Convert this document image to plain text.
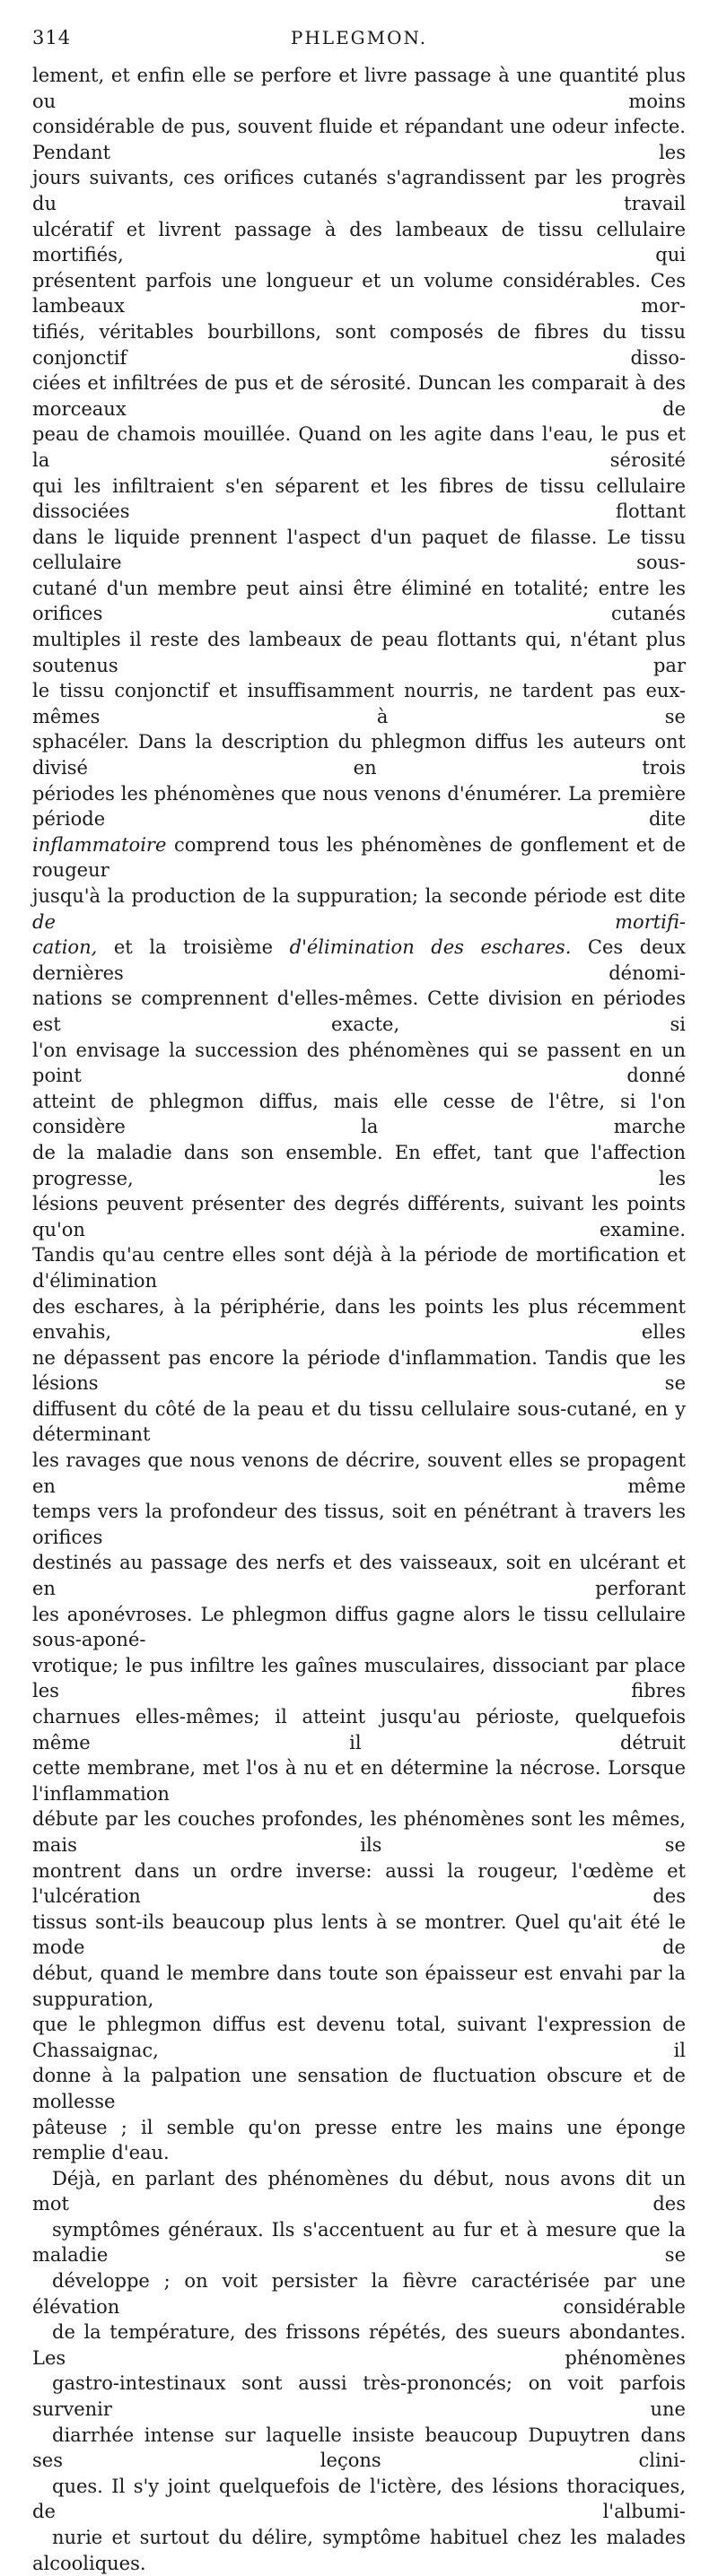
314	PHLEGMON.
lement, et enfin elle se perfore et livre passage à une quantité plus ou moins
considérable de pus, souvent fluide et répandant une odeur infecte. Pendant les
jours suivants, ces orifices cutanés s'agrandissent par les progrès du travail
ulcératif et livrent passage à des lambeaux de tissu cellulaire mortifiés, qui
présentent parfois une longueur et un volume considérables. Ces lambeaux mor-
tifiés, véritables bourbillons, sont composés de fibres du tissu conjonctif disso-
ciées et infiltrées de pus et de sérosité. Duncan les comparait à des morceaux de
peau de chamois mouillée. Quand on les agite dans l'eau, le pus et la sérosité
qui les infiltraient s'en séparent et les fibres de tissu cellulaire dissociées flottant
dans le liquide prennent l'aspect d'un paquet de filasse. Le tissu cellulaire sous-
cutané d'un membre peut ainsi être éliminé en totalité; entre les orifices cutanés
multiples il reste des lambeaux de peau flottants qui, n'étant plus soutenus par
le tissu conjonctif et insuffisamment nourris, ne tardent pas eux-mêmes à se
sphacéler. Dans la description du phlegmon diffus les auteurs ont divisé en trois
périodes les phénomènes que nous venons d'énumérer. La première période dite
inflammatoire comprend tous les phénomènes de gonflement et de rougeur
jusqu'à la production de la suppuration; la seconde période est dite de mortifi-
cation, et la troisième d'élimination des eschares. Ces deux dernières dénomi-
nations se comprennent d'elles-mêmes. Cette division en périodes est exacte, si
l'on envisage la succession des phénomènes qui se passent en un point donné
atteint de phlegmon diffus, mais elle cesse de l'être, si l'on considère la marche
de la maladie dans son ensemble. En effet, tant que l'affection progresse, les
lésions peuvent présenter des degrés différents, suivant les points qu'on examine.
Tandis qu'au centre elles sont déjà à la période de mortification et d'élimination
des eschares, à la périphérie, dans les points les plus récemment envahis, elles
ne dépassent pas encore la période d'inflammation. Tandis que les lésions se
diffusent du côté de la peau et du tissu cellulaire sous-cutané, en y déterminant
les ravages que nous venons de décrire, souvent elles se propagent en même
temps vers la profondeur des tissus, soit en pénétrant à travers les orifices
destinés au passage des nerfs et des vaisseaux, soit en ulcérant et en perforant
les aponévroses. Le phlegmon diffus gagne alors le tissu cellulaire sous-aponé-
vrotique; le pus infiltre les gaînes musculaires, dissociant par place les fibres
charnues elles-mêmes; il atteint jusqu'au périoste, quelquefois même il détruit
cette membrane, met l'os à nu et en détermine la nécrose. Lorsque l'inflammation
débute par les couches profondes, les phénomènes sont les mêmes, mais ils se
montrent dans un ordre inverse: aussi la rougeur, l'œdème et l'ulcération des
tissus sont-ils beaucoup plus lents à se montrer. Quel qu'ait été le mode de
début, quand le membre dans toute son épaisseur est envahi par la suppuration,
que le phlegmon diffus est devenu total, suivant l'expression de Chassaignac, il
donne à la palpation une sensation de fluctuation obscure et de mollesse
pâteuse ; il semble qu'on presse entre les mains une éponge remplie d'eau.
Déjà, en parlant des phénomènes du début, nous avons dit un mot des
symptômes généraux. Ils s'accentuent au fur et à mesure que la maladie se
développe ; on voit persister la fièvre caractérisée par une élévation considérable
de la température, des frissons répétés, des sueurs abondantes. Les phénomènes
gastro-intestinaux sont aussi très-prononcés; on voit parfois survenir une
diarrhée intense sur laquelle insiste beaucoup Dupuytren dans ses leçons clini-
ques. Il s'y joint quelquefois de l'ictère, des lésions thoraciques, de l'albumi-
nurie et surtout du délire, symptôme habituel chez les malades alcooliques.
